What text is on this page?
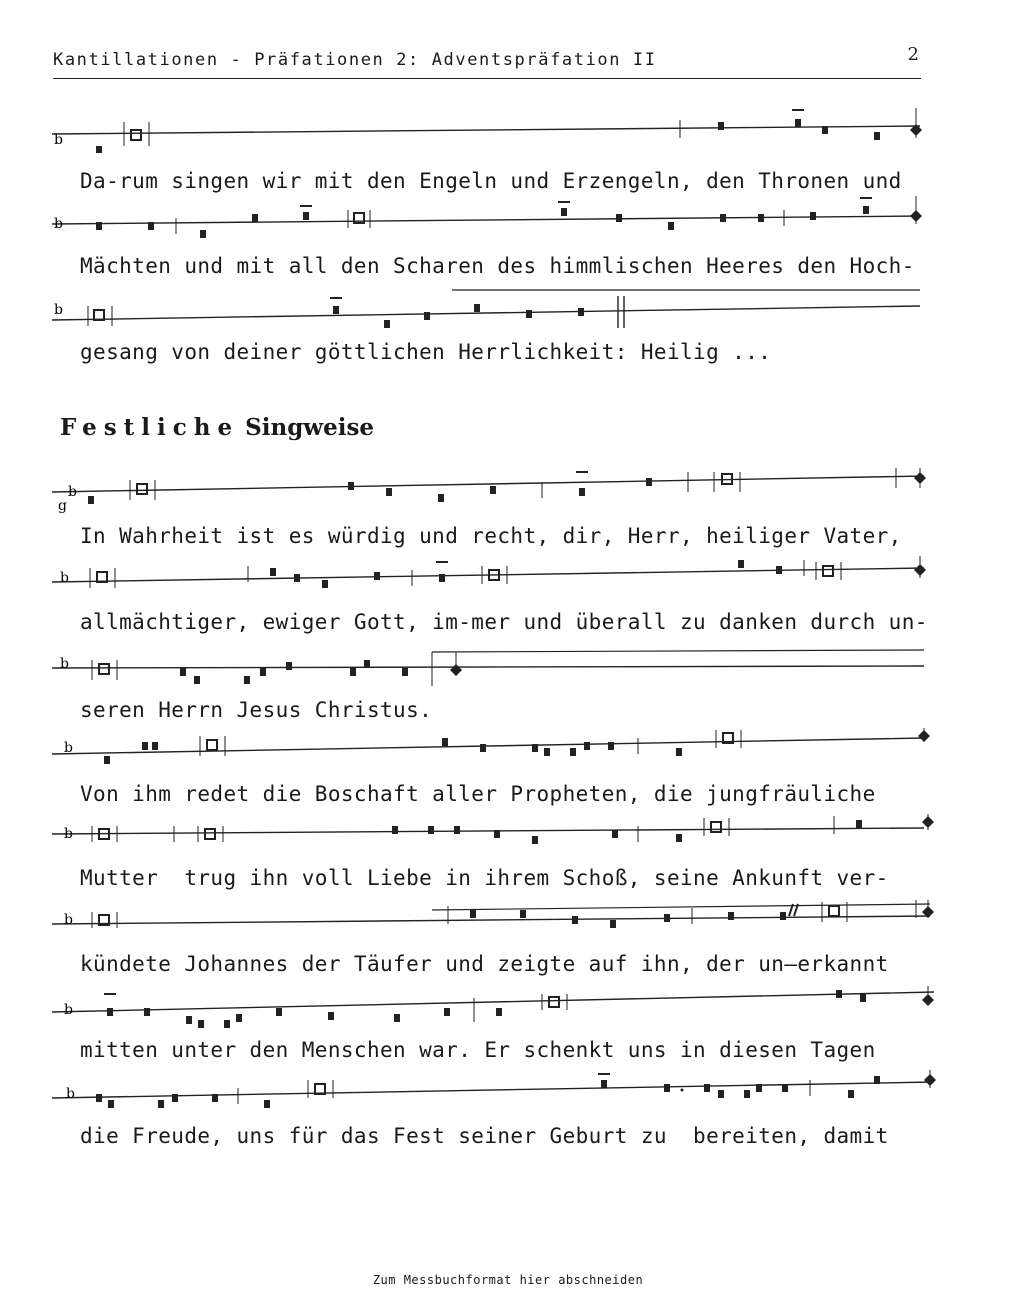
Kantillationen - Präfationen 2: Adventspräfation II	2
b
Da-rum singen wir mit den Engeln und Erzengeln, den Thronen und
b
Mächten und mit all den Scharen des himmlischen Heeres den Hoch-
b
gesang von deiner göttlichen Herrlichkeit: Heilig ...
Festliche Singweise
b
g
In Wahrheit ist es würdig und recht, dir, Herr, heiliger Vater,
b
allmächtiger, ewiger Gott, im-mer und überall zu danken durch un-
b
seren Herrn Jesus Christus.
b
Von ihm redet die Boschaft aller Propheten, die jungfräuliche
b
Mutter  trug ihn voll Liebe in ihrem Schoß, seine Ankunft ver-
b
kündete Johannes der Täufer und zeigte auf ihn, der un—erkannt
b
mitten unter den Menschen war. Er schenkt uns in diesen Tagen
b
die Freude, uns für das Fest seiner Geburt zu  bereiten, damit
Zum Messbuchformat hier abschneiden
